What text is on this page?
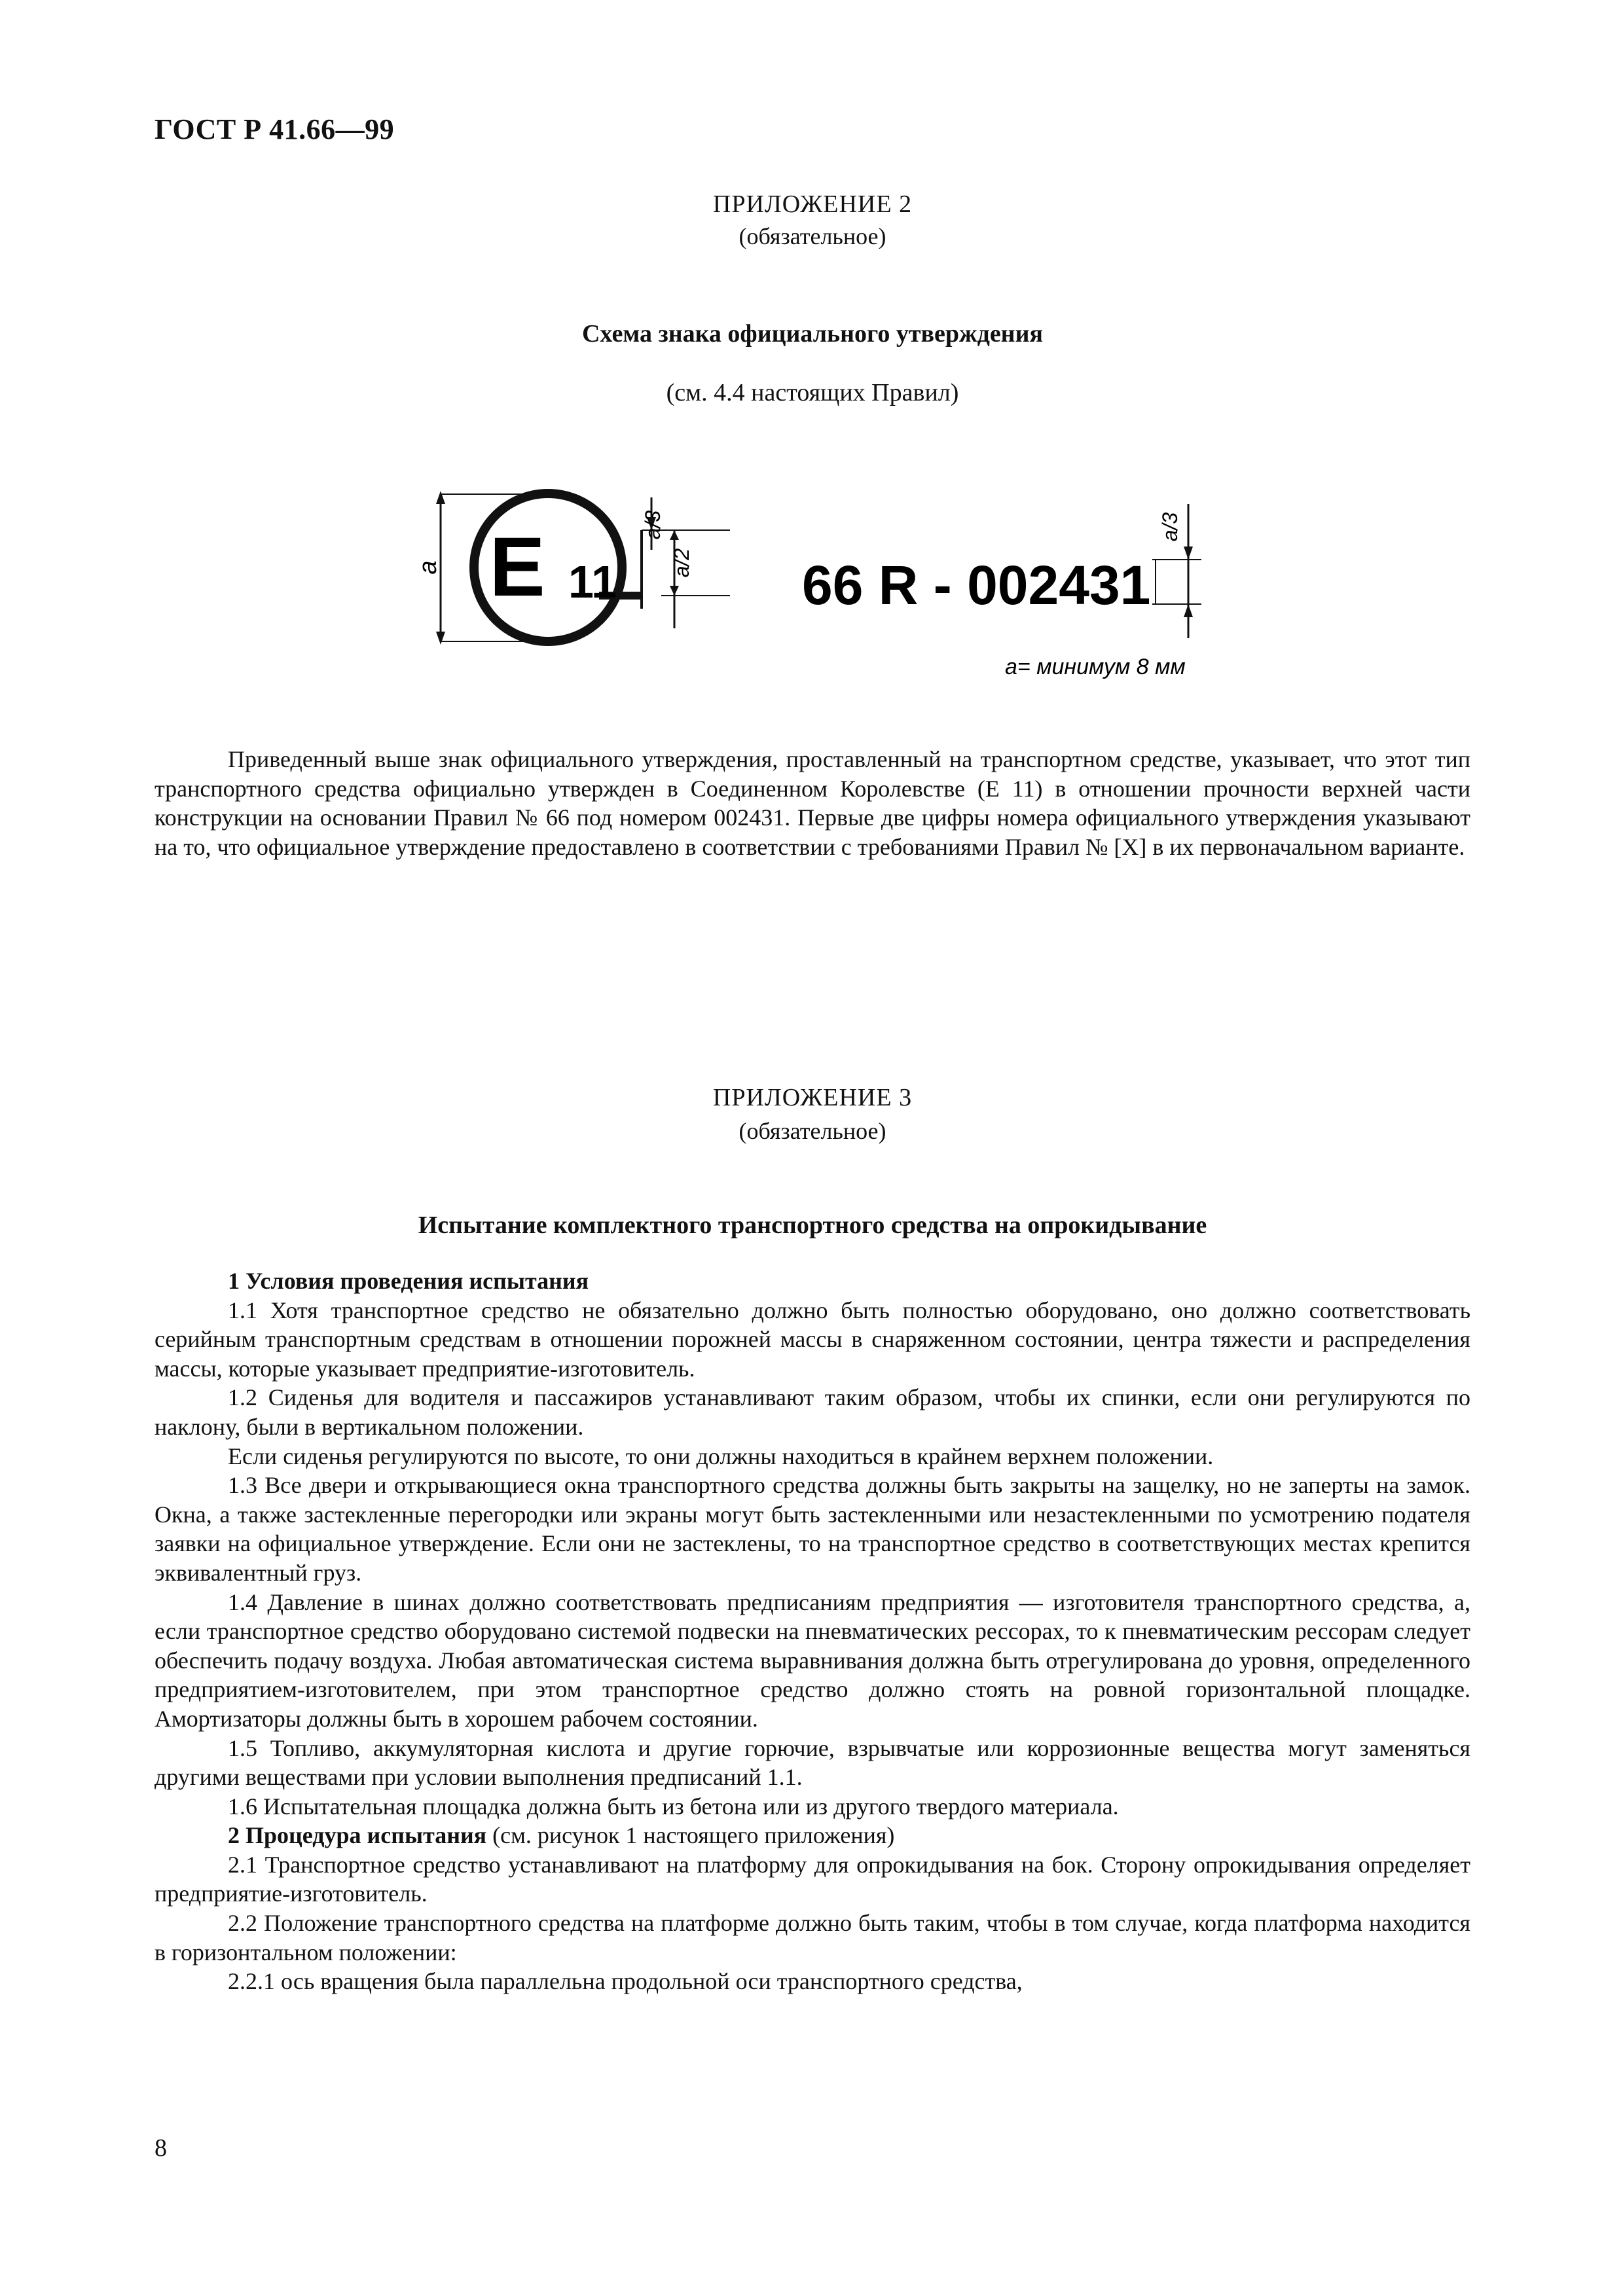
ГОСТ Р 41.66—99
ПРИЛОЖЕНИЕ 2
(обязательное)
Схема знака официального утверждения
(см. 4.4 настоящих Правил)
a E 11
a/3
a/2 66 R - 002431
a/3
a= минимум 8 мм

Приведенный выше знак официального утверждения, проставленный на транспортном средстве, указывает, что этот тип транспортного средства официально утвержден в Соединенном Королевстве (Е 11) в отношении прочности верхней части конструкции на основании Правил № 66 под номером 002431. Первые две цифры номера официального утверждения указывают на то, что официальное утверждение предоставлено в соответствии с требованиями Правил № [X] в их первоначальном варианте.

ПРИЛОЖЕНИЕ 3
(обязательное)
Испытание комплектного транспортного средства на опрокидывание

1 Условия проведения испытания

1.1 Хотя транспортное средство не обязательно должно быть полностью оборудовано, оно должно соответствовать серийным транспортным средствам в отношении порожней массы в снаряженном состоянии, центра тяжести и распределения массы, которые указывает предприятие-изготовитель.

1.2 Сиденья для водителя и пассажиров устанавливают таким образом, чтобы их спинки, если они регулируются по наклону, были в вертикальном положении.

Если сиденья регулируются по высоте, то они должны находиться в крайнем верхнем положении.

1.3 Все двери и открывающиеся окна транспортного средства должны быть закрыты на защелку, но не заперты на замок. Окна, а также застекленные перегородки или экраны могут быть застекленными или незастекленными по усмотрению подателя заявки на официальное утверждение. Если они не застеклены, то на транспортное средство в соответствующих местах крепится эквивалентный груз.

1.4 Давление в шинах должно соответствовать предписаниям предприятия — изготовителя транспортного средства, а, если транспортное средство оборудовано системой подвески на пневматических рессорах, то к пневматическим рессорам следует обеспечить подачу воздуха. Любая автоматическая система выравнивания должна быть отрегулирована до уровня, определенного предприятием-изготовителем, при этом транспортное средство должно стоять на ровной горизонтальной площадке. Амортизаторы должны быть в хорошем рабочем состоянии.

1.5 Топливо, аккумуляторная кислота и другие горючие, взрывчатые или коррозионные вещества могут заменяться другими веществами при условии выполнения предписаний 1.1.

1.6 Испытательная площадка должна быть из бетона или из другого твердого материала.

2 Процедура испытания (см. рисунок 1 настоящего приложения)

2.1 Транспортное средство устанавливают на платформу для опрокидывания на бок. Сторону опрокидывания определяет предприятие-изготовитель.

2.2 Положение транспортного средства на платформе должно быть таким, чтобы в том случае, когда платформа находится в горизонтальном положении:

2.2.1 ось вращения была параллельна продольной оси транспортного средства,

8
